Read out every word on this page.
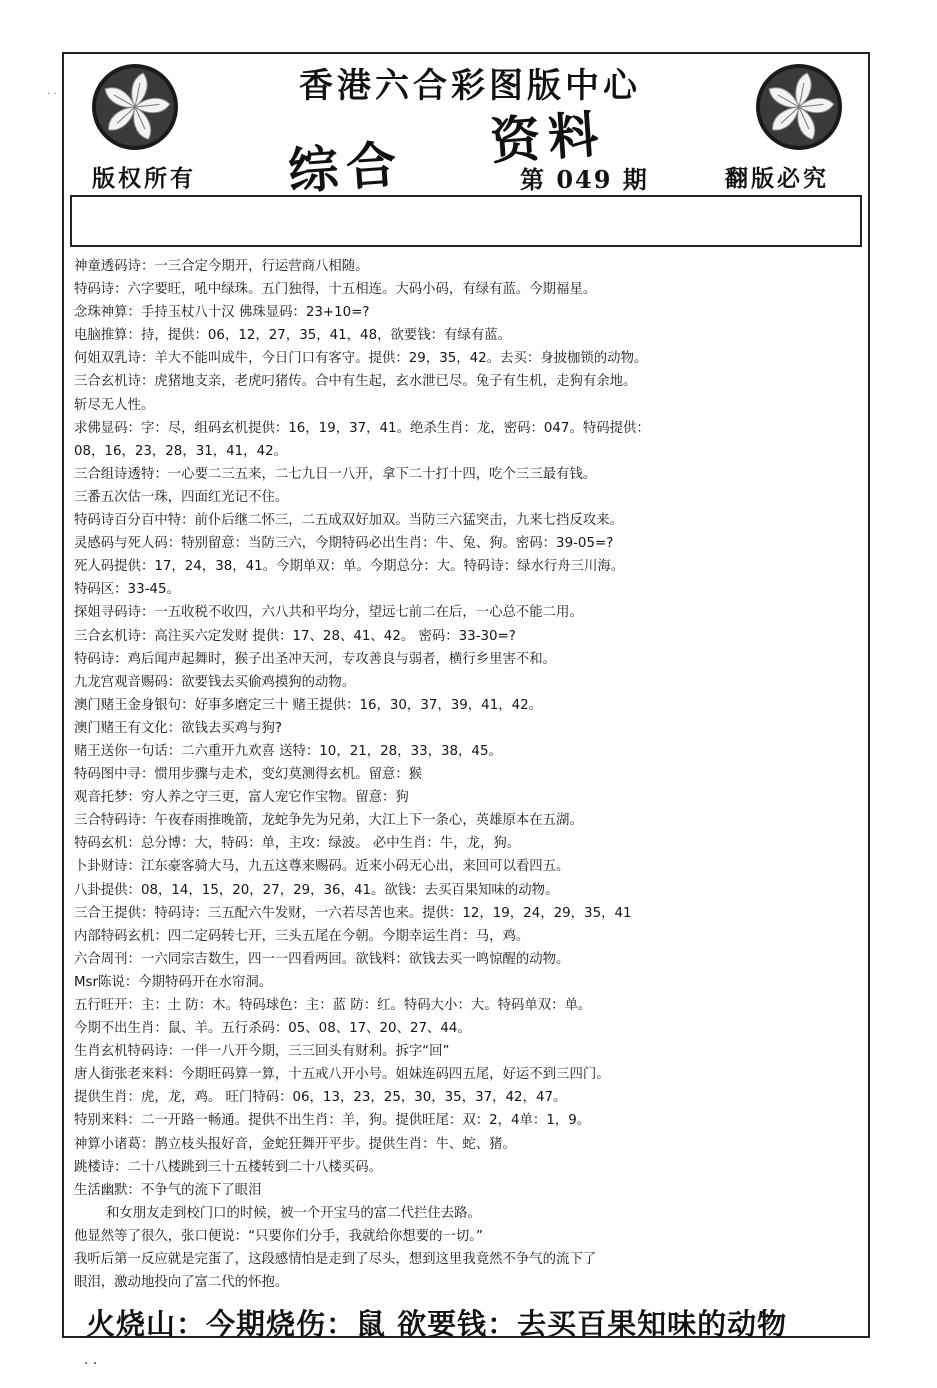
. .	香港六合彩图版中心
综合 资料
版权所有	第 049 期	翻版必究
神童透码诗：一三合定今期开，行运营商八相随。
特码诗：六字要旺，吼中绿珠。五门独得，十五相连。大码小码，有绿有蓝。今期福星。
念珠神算：手持玉杖八十汉 佛珠显码：23+10=?
电脑推算：持，提供：06，12，27，35，41，48，欲要钱：有绿有蓝。
何姐双乳诗：羊大不能叫成牛，今日门口有客守。提供：29，35，42。去买：身披枷锁的动物。
三合玄机诗：虎猪地支亲，老虎叼猪传。合中有生起，玄水泄已尽。兔子有生机，走狗有余地。
斩尽无人性。
求佛显码：字：尽，组码玄机提供：16，19，37，41。绝杀生肖：龙，密码：047。特码提供：
08，16，23，28，31，41，42。
三合组诗透特：一心要二三五来，二七九日一八开，拿下二十打十四，吃个三三最有钱。
三番五次估一珠，四面红光记不住。
特码诗百分百中特：前仆后继二怀三，二五成双好加双。当防三六猛突击，九来七挡反攻来。
灵感码与死人码：特别留意：当防三六，今期特码必出生肖：牛、兔、狗。密码：39-05=?
死人码提供：17，24，38，41。今期单双：单。今期总分：大。特码诗：绿水行舟三川海。
特码区：33-45。
探姐寻码诗：一五收税不收四，六八共和平均分，望远七前二在后，一心总不能二用。
三合玄机诗：高注买六定发财 提供：17、28、41、42。 密码：33-30=?
特码诗：鸡后闻声起舞时，猴子出圣冲天河，专攻善良与弱者，横行乡里害不和。
九龙宫观音赐码：欲要钱去买偷鸡摸狗的动物。
澳门赌王金身银句：好事多磨定三十 赌王提供：16，30，37，39，41，42。
澳门赌王有文化：欲钱去买鸡与狗?
赌王送你一句话：二六重开九欢喜 送特：10，21，28，33，38，45。
特码图中寻：惯用步骤与走术，变幻莫测得玄机。留意：猴
观音托梦：穷人养之守三更，富人宠它作宝物。留意：狗
三合特码诗：午夜春雨推晚箭，龙蛇争先为兄弟，大江上下一条心，英雄原本在五湖。
特码玄机：总分博：大，特码：单，主攻：绿波。 必中生肖：牛，龙，狗。
卜卦财诗：江东豪客骑大马，九五这尊来赐码。近来小码无心出，来回可以看四五。
八卦提供：08，14，15，20，27，29，36，41。欲钱：去买百果知味的动物。
三合王提供：特码诗：三五配六牛发财，一六若尽苦也来。提供：12，19，24，29，35，41
内部特码玄机：四二定码转七开，三头五尾在今朝。今期幸运生肖：马，鸡。
六合周刊：一六同宗吉数生，四一一四看两回。欲钱料：欲钱去买一鸣惊醒的动物。
Msr陈说：今期特码开在水帘洞。
五行旺开：主：土 防：木。特码球色：主：蓝 防：红。特码大小：大。特码单双：单。
今期不出生肖：鼠、羊。五行杀码：05、08、17、20、27、44。
生肖玄机特码诗：一伴一八开今期，三三回头有财利。拆字“回”
唐人街张老来料：今期旺码算一算，十五戒八开小号。姐妹连码四五尾，好运不到三四门。
提供生肖：虎，龙，鸡。 旺门特码：06，13，23，25，30，35，37，42，47。
特别来料：二一开路一畅通。提供不出生肖：羊，狗。提供旺尾：双：2，4单：1，9。
神算小诸葛：鹊立枝头报好音，金蛇狂舞开平步。提供生肖：牛、蛇、猪。
跳楼诗：二十八楼跳到三十五楼转到二十八楼买码。
生活幽默：不争气的流下了眼泪
和女朋友走到校门口的时候，被一个开宝马的富二代拦住去路。
他显然等了很久，张口便说：“只要你们分手，我就给你想要的一切。”
我听后第一反应就是完蛋了，这段感情怕是走到了尽头，想到这里我竟然不争气的流下了
眼泪，激动地投向了富二代的怀抱。
火烧山：今期烧伤：鼠 欲要钱：去买百果知味的动物
. .
